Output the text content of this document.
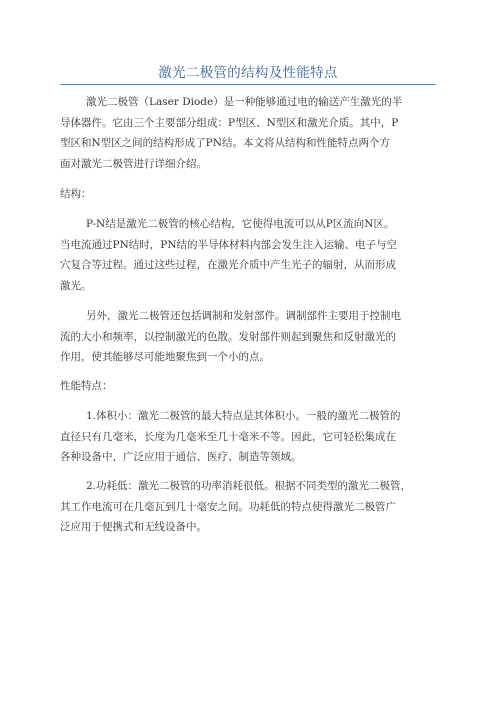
激光二极管的结构及性能特点
激光二极管（Laser Diode）是一种能够通过电的输送产生激光的半
导体器件。它由三个主要部分组成：P型区、N型区和激光介质。其中，P
型区和N型区之间的结构形成了PN结。本文将从结构和性能特点两个方
面对激光二极管进行详细介绍。
结构：
P-N结是激光二极管的核心结构，它使得电流可以从P区流向N区。
当电流通过PN结时，PN结的半导体材料内部会发生注入运输、电子与空
穴复合等过程。通过这些过程，在激光介质中产生光子的辐射，从而形成
激光。
另外，激光二极管还包括调制和发射部件。调制部件主要用于控制电
流的大小和频率，以控制激光的色散。发射部件则起到聚焦和反射激光的
作用，使其能够尽可能地聚焦到一个小的点。
性能特点：
1.体积小：激光二极管的最大特点是其体积小。一般的激光二极管的
直径只有几毫米，长度为几毫米至几十毫米不等。因此，它可轻松集成在
各种设备中，广泛应用于通信、医疗、制造等领域。
2.功耗低：激光二极管的功率消耗很低。根据不同类型的激光二极管，
其工作电流可在几毫瓦到几十毫安之间。功耗低的特点使得激光二极管广
泛应用于便携式和无线设备中。
